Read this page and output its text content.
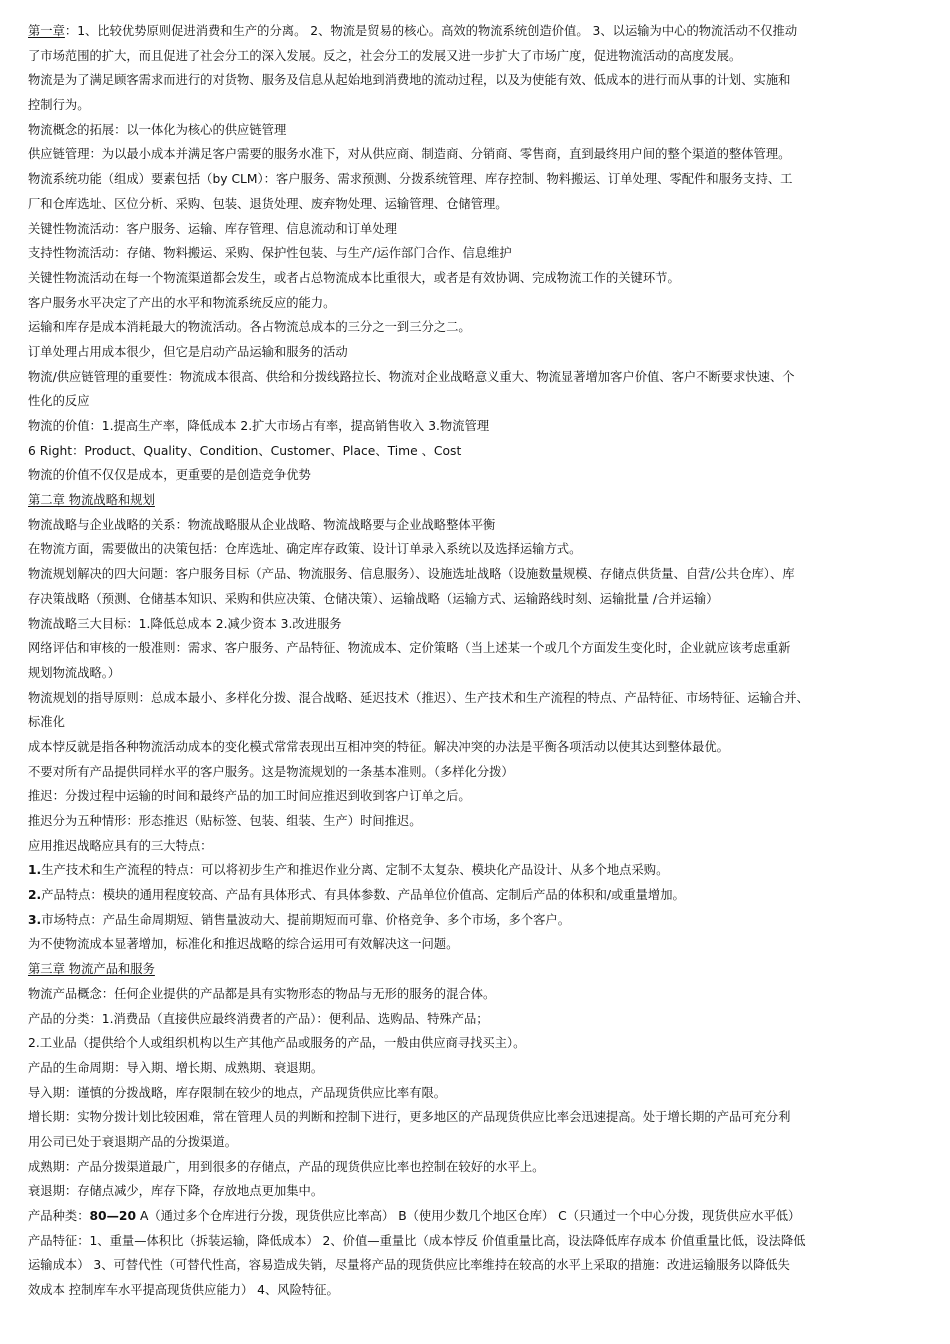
第一章：1、比较优势原则促进消费和生产的分离。 2、物流是贸易的核心。高效的物流系统创造价值。 3、以运输为中心的物流活动不仅推动
了市场范围的扩大，而且促进了社会分工的深入发展。反之，社会分工的发展又进一步扩大了市场广度，促进物流活动的高度发展。
物流是为了满足顾客需求而进行的对货物、服务及信息从起始地到消费地的流动过程，以及为使能有效、低成本的进行而从事的计划、实施和
控制行为。
物流概念的拓展：以一体化为核心的供应链管理
供应链管理：为以最小成本并满足客户需要的服务水准下，对从供应商、制造商、分销商、零售商，直到最终用户间的整个渠道的整体管理。
物流系统功能（组成）要素包括（by CLM）：客户服务、需求预测、分拨系统管理、库存控制、物料搬运、订单处理、零配件和服务支持、工
厂和仓库选址、区位分析、采购、包装、退货处理、废弃物处理、运输管理、仓储管理。
关键性物流活动：客户服务、运输、库存管理、信息流动和订单处理
支持性物流活动：存储、物料搬运、采购、保护性包装、与生产/运作部门合作、信息维护
关键性物流活动在每一个物流渠道都会发生，或者占总物流成本比重很大，或者是有效协调、完成物流工作的关键环节。
客户服务水平决定了产出的水平和物流系统反应的能力。
运输和库存是成本消耗最大的物流活动。各占物流总成本的三分之一到三分之二。
订单处理占用成本很少，但它是启动产品运输和服务的活动
物流/供应链管理的重要性：物流成本很高、供给和分拨线路拉长、物流对企业战略意义重大、物流显著增加客户价值、客户不断要求快速、个
性化的反应
物流的价值：1.提高生产率，降低成本 2.扩大市场占有率，提高销售收入 3.物流管理
6 Right：Product、Quality、Condition、Customer、Place、Time 、Cost
物流的价值不仅仅是成本，更重要的是创造竞争优势
第二章 物流战略和规划
物流战略与企业战略的关系：物流战略服从企业战略、物流战略要与企业战略整体平衡
在物流方面，需要做出的决策包括：仓库选址、确定库存政策、设计订单录入系统以及选择运输方式。
物流规划解决的四大问题：客户服务目标（产品、物流服务、信息服务）、设施选址战略（设施数量规模、存储点供货量、自营/公共仓库）、库
存决策战略（预测、仓储基本知识、采购和供应决策、仓储决策）、运输战略（运输方式、运输路线时刻、运输批量 /合并运输）
物流战略三大目标：1.降低总成本 2.减少资本 3.改进服务
网络评估和审核的一般准则：需求、客户服务、产品特征、物流成本、定价策略（当上述某一个或几个方面发生变化时，企业就应该考虑重新
规划物流战略。）
物流规划的指导原则：总成本最小、多样化分拨、混合战略、延迟技术（推迟）、生产技术和生产流程的特点、产品特征、市场特征、运输合并、
标准化
成本悖反就是指各种物流活动成本的变化模式常常表现出互相冲突的特征。解决冲突的办法是平衡各项活动以使其达到整体最优。
不要对所有产品提供同样水平的客户服务。这是物流规划的一条基本准则。（多样化分拨）
推迟：分拨过程中运输的时间和最终产品的加工时间应推迟到收到客户订单之后。
推迟分为五种情形：形态推迟（贴标签、包装、组装、生产）时间推迟。
应用推迟战略应具有的三大特点：
1.生产技术和生产流程的特点：可以将初步生产和推迟作业分离、定制不太复杂、模块化产品设计、从多个地点采购。
2.产品特点：模块的通用程度较高、产品有具体形式、有具体参数、产品单位价值高、定制后产品的体积和/或重量增加。
3.市场特点：产品生命周期短、销售量波动大、提前期短而可靠、价格竞争、多个市场，多个客户。
为不使物流成本显著增加，标准化和推迟战略的综合运用可有效解决这一问题。
第三章 物流产品和服务
物流产品概念：任何企业提供的产品都是具有实物形态的物品与无形的服务的混合体。
产品的分类：1.消费品（直接供应最终消费者的产品）：便利品、选购品、特殊产品；
2.工业品（提供给个人或组织机构以生产其他产品或服务的产品，一般由供应商寻找买主）。
产品的生命周期：导入期、增长期、成熟期、衰退期。
导入期：谨慎的分拨战略，库存限制在较少的地点，产品现货供应比率有限。
增长期：实物分拨计划比较困难，常在管理人员的判断和控制下进行，更多地区的产品现货供应比率会迅速提高。处于增长期的产品可充分利
用公司已处于衰退期产品的分拨渠道。
成熟期：产品分拨渠道最广，用到很多的存储点，产品的现货供应比率也控制在较好的水平上。
衰退期：存储点减少，库存下降，存放地点更加集中。
产品种类：80—20 A（通过多个仓库进行分拨，现货供应比率高） B（使用少数几个地区仓库） C（只通过一个中心分拨，现货供应水平低）
产品特征：1、重量—体积比（拆装运输，降低成本） 2、价值—重量比（成本悖反 价值重量比高，设法降低库存成本 价值重量比低，设法降低
运输成本） 3、可替代性（可替代性高，容易造成失销，尽量将产品的现货供应比率维持在较高的水平上采取的措施：改进运输服务以降低失
效成本 控制库车水平提高现货供应能力） 4、风险特征。
